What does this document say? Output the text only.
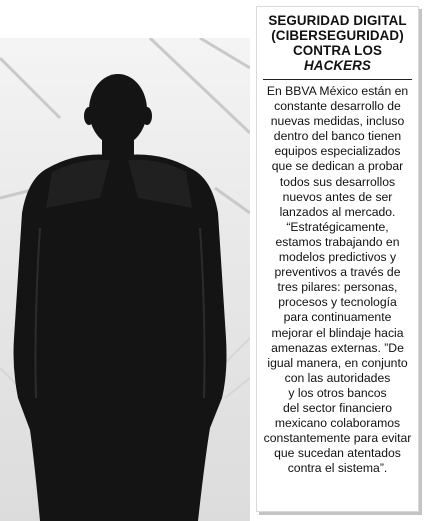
SEGURIDAD DIGITAL
(CIBERSEGURIDAD)
CONTRA LOS
HACKERS
En BBVA México están en
constante desarrollo de
nuevas medidas, incluso
dentro del banco tienen
equipos especializados
que se dedican a probar
todos sus desarrollos
nuevos antes de ser
lanzados al mercado.
“Estratégicamente,
estamos trabajando en
modelos predictivos y
preventivos a través de
tres pilares: personas,
procesos y tecnología
para continuamente
mejorar el blindaje hacia
amenazas externas. ”De
igual manera, en conjunto
con las autoridades
y los otros bancos
del sector financiero
mexicano colaboramos
constantemente para evitar
que sucedan atentados
contra el sistema”.
